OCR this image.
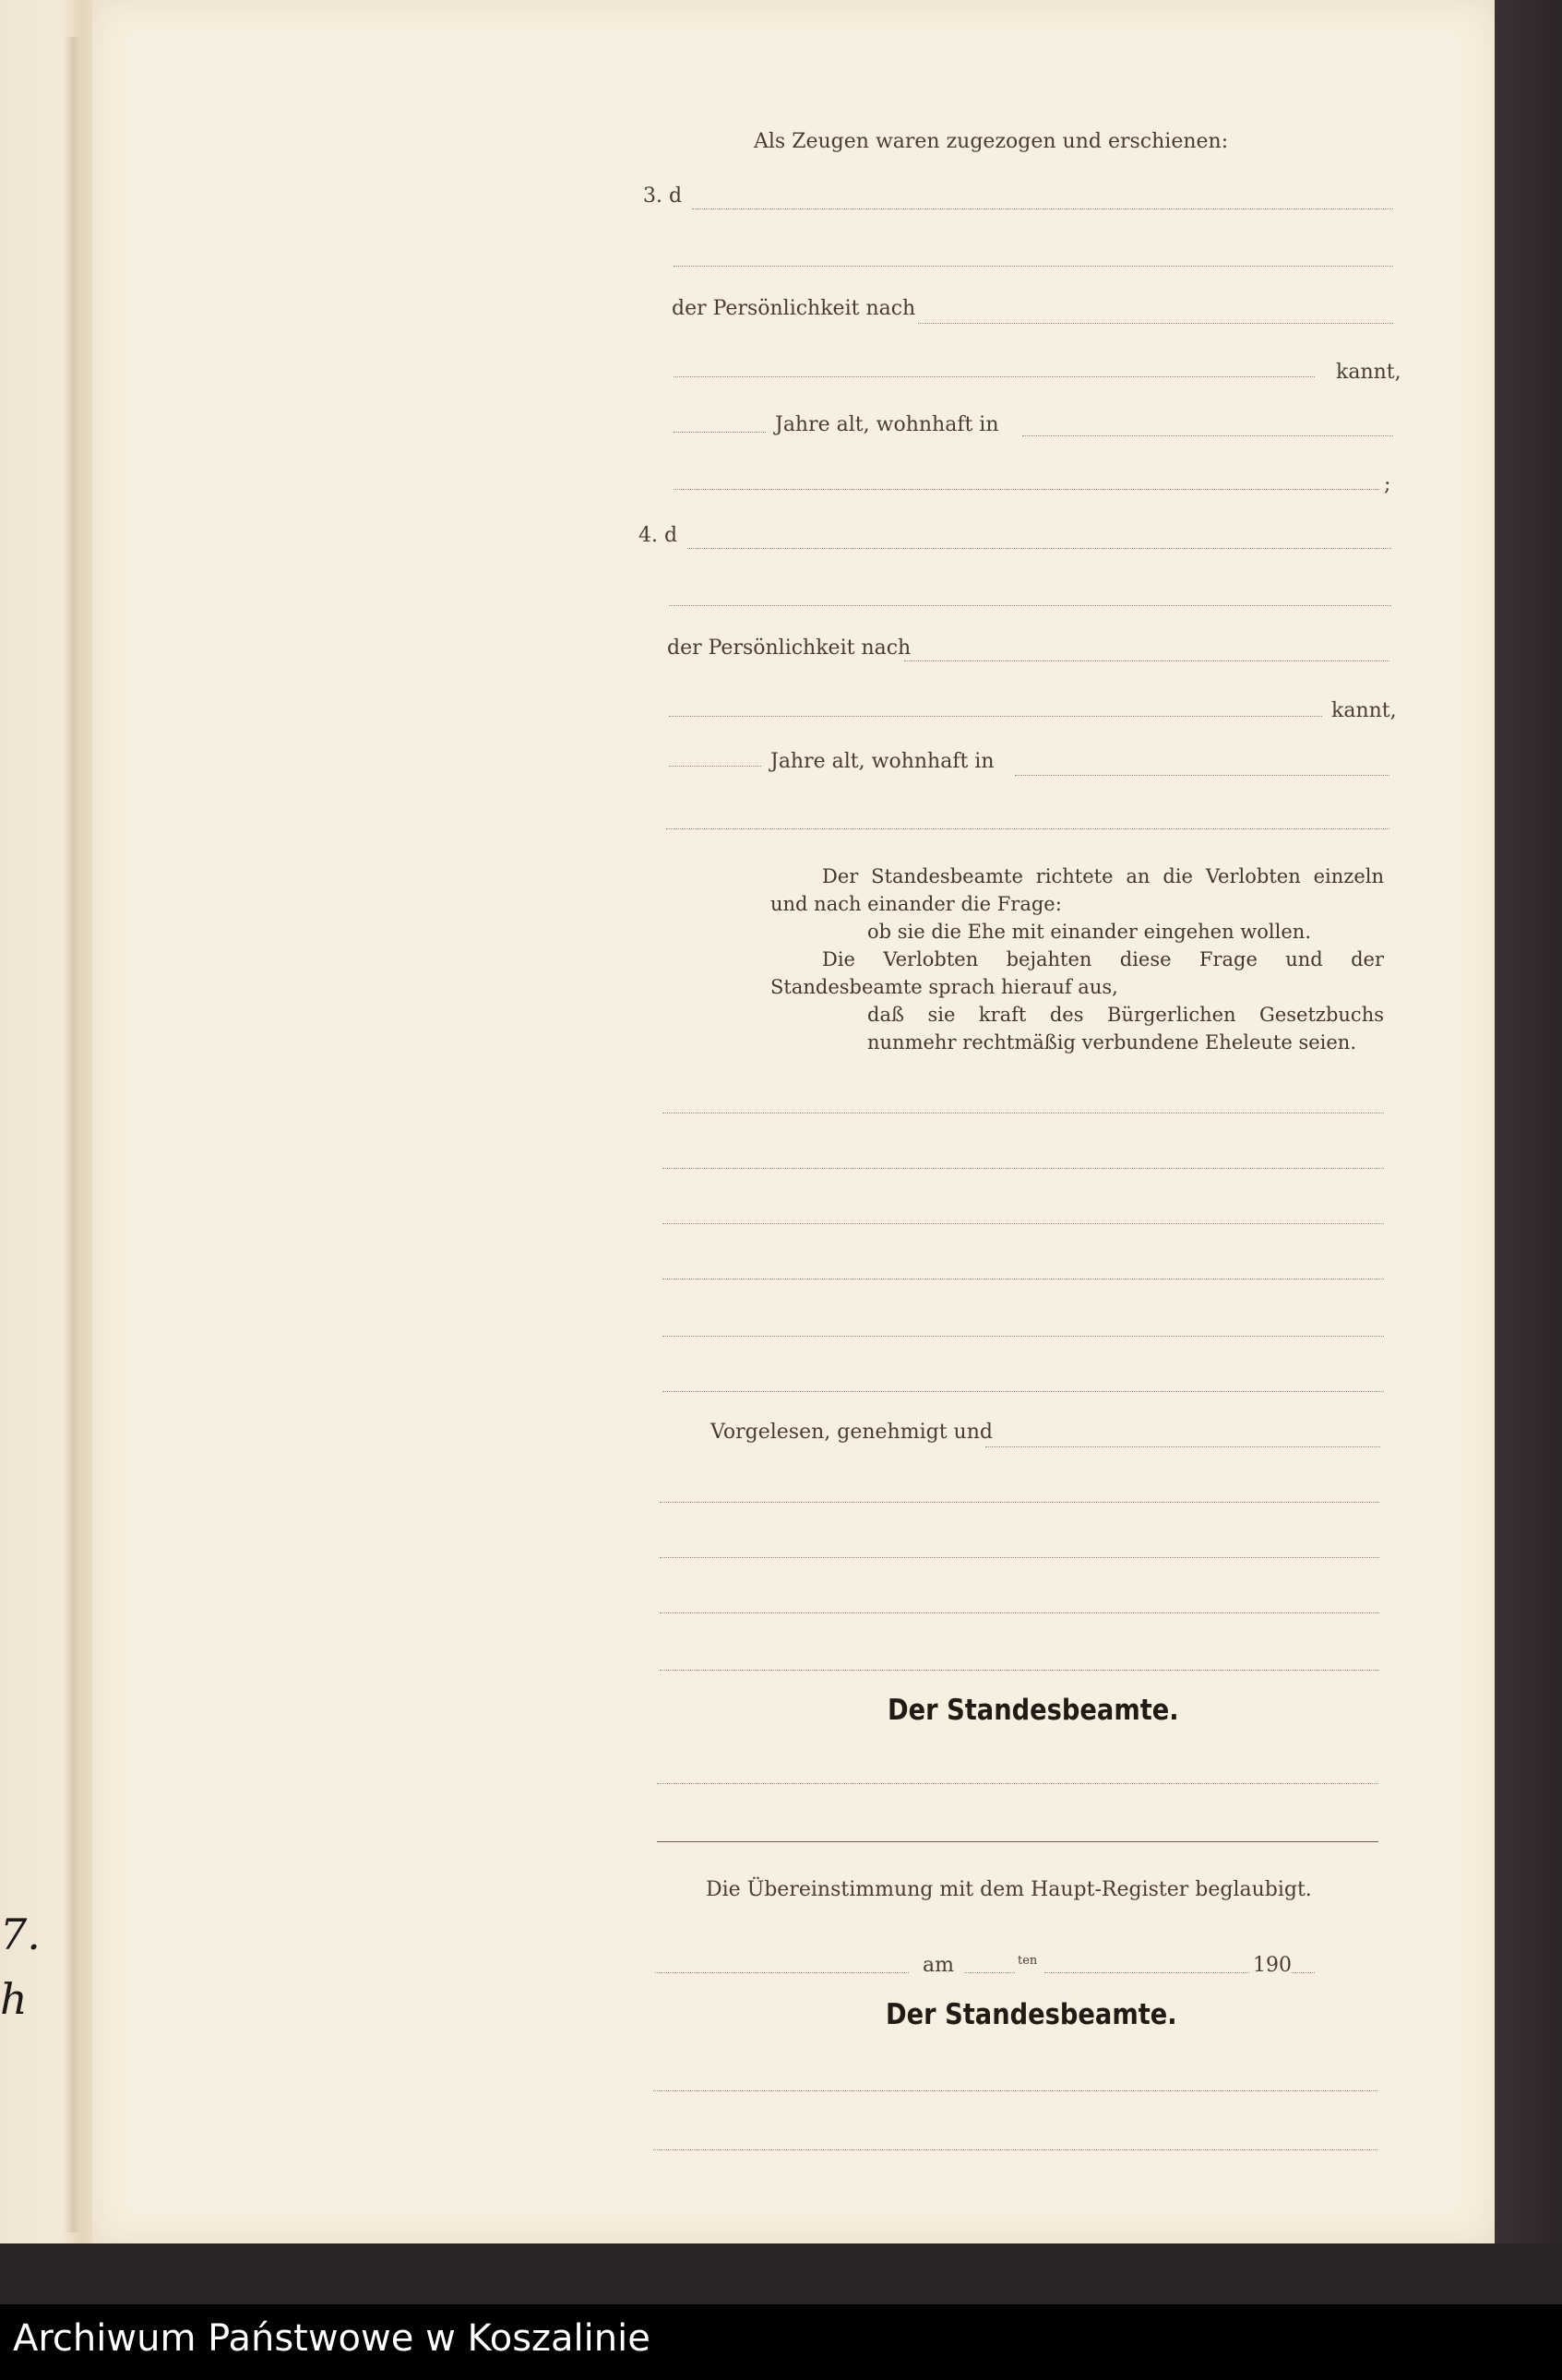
7.
h
Als Zeugen waren zugezogen und erschienen:
3. d
der Persönlichkeit nach
kannt,
Jahre alt, wohnhaft in
;
4. d
der Persönlichkeit nach
kannt,
Jahre alt, wohnhaft in
Der Standesbeamte richtete an die Verlobten einzeln und nach einander die Frage:
ob sie die Ehe mit einander eingehen wollen.
Die Verlobten bejahten diese Frage und der Standesbeamte sprach hierauf aus,
daß sie kraft des Bürgerlichen Gesetzbuchs nunmehr rechtmäßig verbundene Eheleute seien.
Vorgelesen, genehmigt und
Der Standesbeamte.
Die Übereinstimmung mit dem Haupt-Register beglaubigt.
am	ten	190
Der Standesbeamte.
Archiwum Państwowe w Koszalinie
